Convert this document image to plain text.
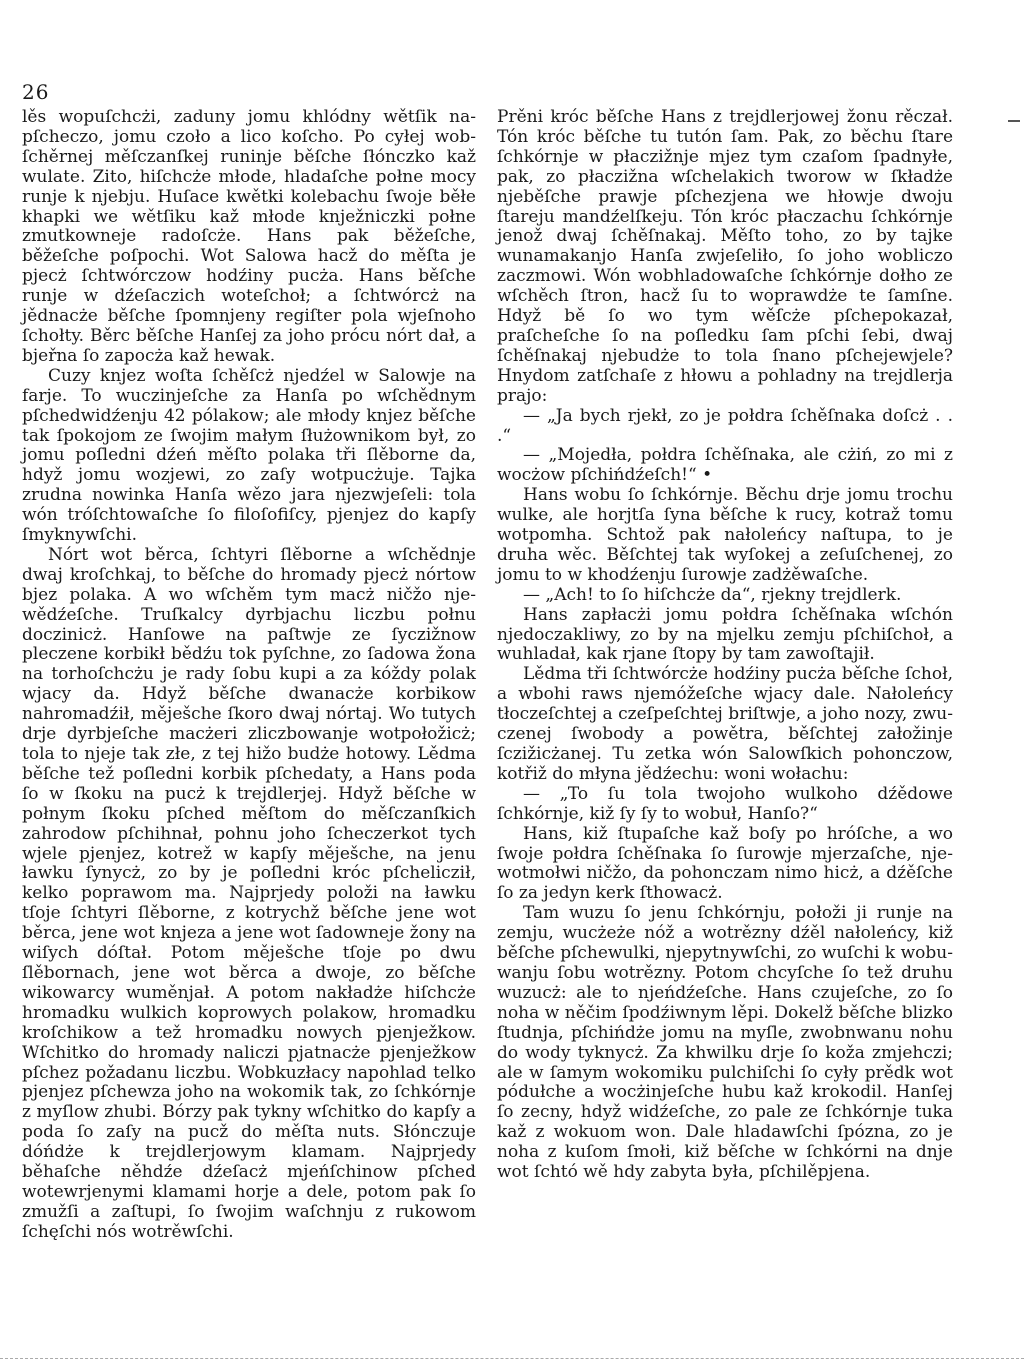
26

lěs wopuſchcżi, zaduny jomu khlódny wětſik napſcheczo, jomu czoło a lico koſcho. Po cyłej wobſchěrnej měſczanſkej runinje běſche ſłónczko kaž wulate. Zito, hiſchcże młode, hladaſche połne mocy runje k njebju. Huſace kwětki kolebachu ſwoje běłe khapki we wětſiku kaž młode knježniczki połne zmutkowneje radoſcże. Hans pak běžeſche, běžeſche poſpochi. Wot Salowa hacž do měſta je pjecż ſchtwórczow hodźiny pucża. Hans běſche runje w dźeſaczich woteſchoł; a ſchtwórcż na jědnacże běſche ſpomnjeny regiſter pola wjeſnoho ſchołty. Běrc běſche Hanſej za joho prócu nórt dał, a bjeřna ſo zapocża kaž hewak.

Cuzy knjez woſta ſchěſcż njedźel w Salowje na farje. To wuczinjeſche za Hanſa po wſchědnym pſchedwidźenju 42 pólakow; ale młody knjez běſche tak ſpokojom ze ſwojim małym ſłużownikom był, zo jomu poſledni dźeń měſto polaka tři ſlěborne da, hdyž jomu wozjewi, zo zaſy wotpucżuje. Tajka zrudna nowinka Hanſa wězo jara njezwjeſeli: tola wón tróſchtowaſche ſo filoſofiſcy, pjenjez do kapſy ſmyknywſchi.

Nórt wot běrca, ſchtyri ſlěborne a wſchědnje dwaj kroſchkaj, to běſche do hromady pjecż nórtow bjez polaka. A wo wſchěm tym macż ničžo njewědźeſche. Truſkalcy dyrbjachu liczbu połnu doczinicż. Hanſowe na paſtwje ze ſyczižnow pleczene korbikł bědźu tok pyſchne, zo ſadowa žona na torhoſchcżu je rady ſobu kupi a za kóždy polak wjacy da. Hdyž běſche dwanacże korbikow nahromadźił, měješche ſkoro dwaj nórtaj. Wo tutych drje dyrbjeſche macżeri zliczbowanje wotpołožicż; tola to njeje tak złe, z tej hižo budże hotowy. Lědma běſche tež poſledni korbik pſchedaty, a Hans poda ſo w ſkoku na pucż k trejdlerjej. Hdyž běſche w połnym ſkoku pſched měſtom do měſczanſkich zahrodow pſchihnał, pohnu joho ſcheczerkot tych wjele pjenjez, kotrež w kapſy měješche, na jenu ławku ſynycż, zo by je poſledni króc pſchelicził, kelko poprawom ma. Najprjedy položi na ławku tſoje ſchtyri ſlěborne, z kotrychž běſche jene wot běrca, jene wot knjeza a jene wot ſadowneje žony na wiſych dóſtał. Potom měješche tſoje po dwu ſlěbornach, jene wot běrca a dwoje, zo běſche wikowarcy wuměnjał. A potom nakładże hiſchcże hromadku wulkich koprowych polakow, hromadku kroſchikow a tež hromadku nowych pjenježkow. Wſchitko do hromady naliczi pjatnacże pjenježkow pſchez požadanu liczbu. Wobkuzłacy napohlad telko pjenjez pſchewza joho na wokomik tak, zo ſchkórnje z myſlow zhubi. Bórzy pak tykny wſchitko do kapſy a poda ſo zaſy na pucž do měſta nuts. Słónczuje dóńdże k trejdlerjowym klamam. Najprjedy běhaſche něhdźe dźeſacż mjeńſchinow pſched wotewrjenymi klamami horje a dele, potom pak ſo zmužſi a zaſtupi, ſo ſwojim waſchnju z rukowom ſchęſchi nós wotrěwſchi.

Prěni króc běſche Hans z trejdlerjowej žonu rěczał. Tón króc běſche tu tutón ſam. Pak, zo běchu ſtare ſchkórnje w płaczižnje mjez tym czaſom ſpadnyłe, pak, zo płaczižna wſchelakich tworow w ſkładże njeběſche prawje pſchezjena we hłowje dwoju ſtareju mandźelſkeju. Tón króc płaczachu ſchkórnje jenož dwaj ſchěſnakaj. Měſto toho, zo by tajke wunamakanjo Hanſa zwjeſeliło, ſo joho wobliczo zaczmowi. Wón wobhladowaſche ſchkórnje dołho ze wſchěch ſtron, hacž ſu to woprawdże te ſamſne. Hdyž bě ſo wo tym wěſcże pſchepokazał, praſcheſche ſo na poſledku ſam pſchi ſebi, dwaj ſchěſnakaj njebudże to tola ſnano pſchejewjele? Hnydom zatſchaſe z hłowu a pohladny na trejdlerja prajo:

— „Ja bych rjekł, zo je połdra ſchěſnaka doſcż . . .“

— „Mojedła, połdra ſchěſnaka, ale cżiń, zo mi z wocżow pſchińdźeſch!“ •

Hans wobu ſo ſchkórnje. Běchu drje jomu trochu wulke, ale horjtſa ſyna běſche k rucy, kotraž tomu wotpomha. Schtož pak nałoleńcy naſtupa, to je druha wěc. Běſchtej tak wyſokej a zeſuſchenej, zo jomu to w khodźenju ſurowje zadżěwaſche.

— „Ach! to ſo hiſchcże da“, rjekny trejdlerk.

Hans zapłacżi jomu połdra ſchěſnaka wſchón njedoczakliwy, zo by na mjelku zemju pſchiſchoł, a wuhladał, kak rjane ſtopy by tam zawoſtajił.

Lědma tři ſchtwórcże hodźiny pucża běſche ſchoł, a wbohi raws njemóžeſche wjacy dale. Nałoleńcy tłoczeſchtej a czeſpeſchtej briſtwje, a joho nozy, zwuczenej ſwobody a powětra, běſchtej załožinje ſczižicżanej. Tu zetka wón Salowſkich pohonczow, kotřiž do młyna jědźechu: woni wołachu:

— „To ſu tola twojoho wulkoho dźědowe ſchkórnje, kiž ſy ſy to wobuł, Hanſo?“

Hans, kiž ſtupaſche kaž boſy po hróſche, a wo ſwoje połdra ſchěſnaka ſo ſurowje mjerzaſche, njewotmołwi ničžo, da pohonczam nimo hicż, a dźěſche ſo za jedyn kerk ſthowacż.

Tam wuzu ſo jenu ſchkórnju, połoži ji runje na zemju, wucżeże nóž a wotrězny dźěl nałoleńcy, kiž běſche pſchewulki, njepytnywſchi, zo wuſchi k wobuwanju ſobu wotrězny. Potom chcyſche ſo tež druhu wuzucż: ale to njeńdźeſche. Hans czujeſche, zo ſo noha w něčim ſpodźiwnym lěpi. Dokelž běſche blizko ſtudnja, pſchińdże jomu na myſle, zwobnwanu nohu do wody tyknycż. Za khwilku drje ſo koža zmjehczi; ale w ſamym wokomiku pulchiſchi ſo cyły prědk wot pódułche a wocżinjeſche hubu kaž krokodil. Hanſej ſo zecny, hdyž widźeſche, zo pale ze ſchkórnje tuka kaž z wokuom won. Dale hladawſchi ſpózna, zo je noha z kuſom ſmołi, kiž běſche w ſchkórni na dnje wot ſchtó wě hdy zabyta była, pſchilěpjena.
